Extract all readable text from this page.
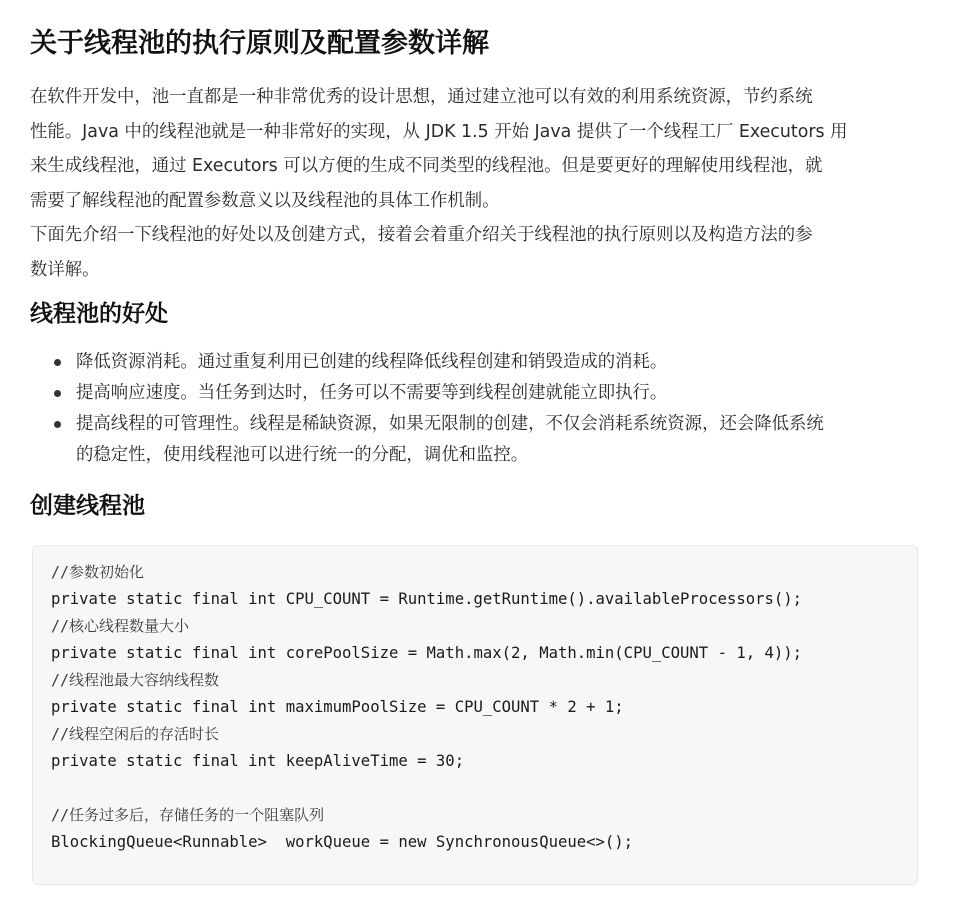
关于线程池的执行原则及配置参数详解

在软件开发中，池一直都是一种非常优秀的设计思想，通过建立池可以有效的利用系统资源，节约系统
性能。Java 中的线程池就是一种非常好的实现，从 JDK 1.5 开始 Java 提供了一个线程工厂 Executors 用
来生成线程池，通过 Executors 可以方便的生成不同类型的线程池。但是要更好的理解使用线程池，就
需要了解线程池的配置参数意义以及线程池的具体工作机制。

下面先介绍一下线程池的好处以及创建方式，接着会着重介绍关于线程池的执行原则以及构造方法的参
数详解。

线程池的好处
降低资源消耗。通过重复利用已创建的线程降低线程创建和销毁造成的消耗。
提高响应速度。当任务到达时，任务可以不需要等到线程创建就能立即执行。
提高线程的可管理性。线程是稀缺资源，如果无限制的创建，不仅会消耗系统资源，还会降低系统
的稳定性，使用线程池可以进行统一的分配，调优和监控。
创建线程池
//参数初始化
private static final int CPU_COUNT = Runtime.getRuntime().availableProcessors();
//核心线程数量大小
private static final int corePoolSize = Math.max(2, Math.min(CPU_COUNT - 1, 4));
//线程池最大容纳线程数
private static final int maximumPoolSize = CPU_COUNT * 2 + 1;
//线程空闲后的存活时长
private static final int keepAliveTime = 30;
//任务过多后，存储任务的一个阻塞队列
BlockingQueue<Runnable>  workQueue = new SynchronousQueue<>();
